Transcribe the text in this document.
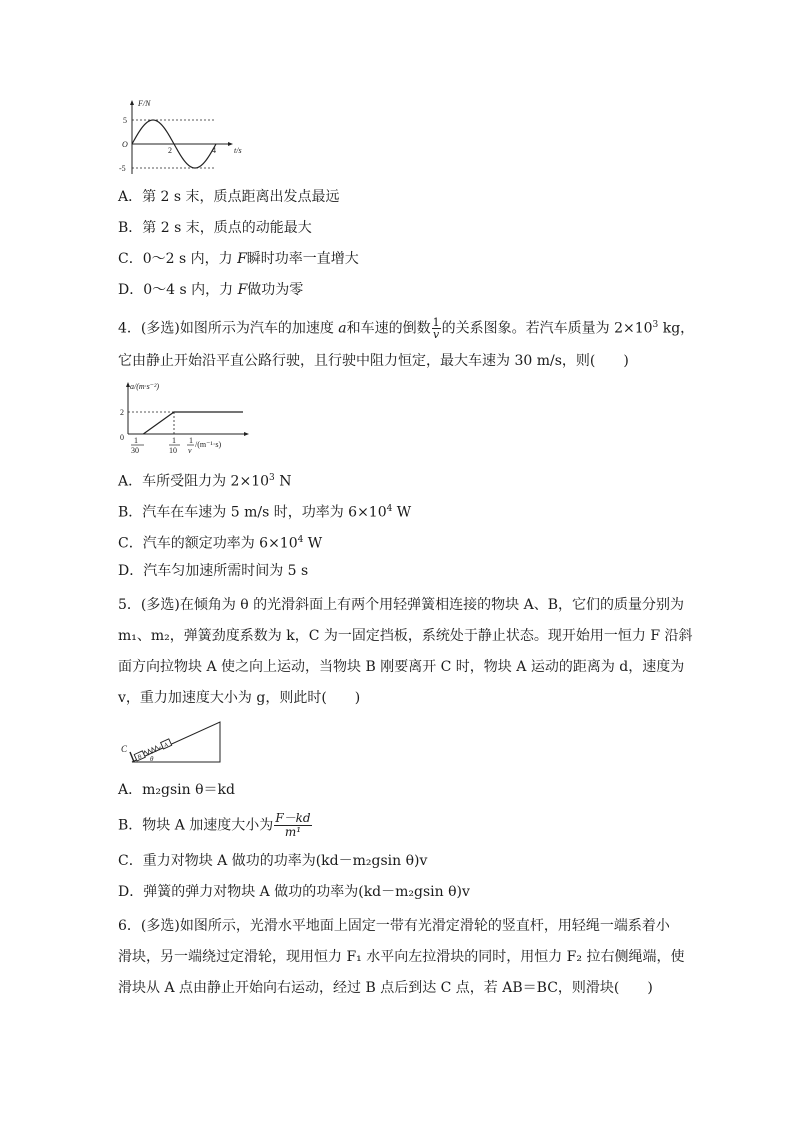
F/N
5
O
-5
2	4 t/s
A．第 2 s 末，质点距离出发点最远
B．第 2 s 末，质点的动能最大
C．0～2 s 内，力 F瞬时功率一直增大
D．0～4 s 内，力 F做功为零
4．(多选)如图所示为汽车的加速度 a和车速的倒数 $\frac{1}{v}$ 的关系图象。若汽车质量为 $2\times 10^3$ kg，
它由静止开始沿平直公路行驶，且行驶中阻力恒定，最大车速为 30 m/s，则(　　)
a/(m·s⁻²)
2
0 1
30
1
10
1
v
/(m⁻¹·s)
A．车所受阻力为 $2\times 10^3$ N
B．汽车在车速为 5 m/s 时，功率为 $6\times 10^4$ W
C．汽车的额定功率为 $6\times 10^4$ W
D．汽车匀加速所需时间为 5 s
5．(多选)在倾角为 θ 的光滑斜面上有两个用轻弹簧相连接的物块 A、B，它们的质量分别为
m₁、m₂，弹簧劲度系数为 k，C 为一固定挡板，系统处于静止状态。现开始用一恒力 F 沿斜
面方向拉物块 A 使之向上运动，当物块 B 刚要离开 C 时，物块 A 运动的距离为 d，速度为
v，重力加速度大小为 g，则此时(　　)
B
A
C
θ
A．m₂gsin θ＝kd
B．物块 A 加速度大小为 $\frac{F-kd}{\text{m¹}}$
C．重力对物块 A 做功的功率为(kd－m₂gsin θ)v
D．弹簧的弹力对物块 A 做功的功率为(kd－m₂gsin θ)v
6．(多选)如图所示，光滑水平地面上固定一带有光滑定滑轮的竖直杆，用轻绳一端系着小
滑块，另一端绕过定滑轮，现用恒力 F₁ 水平向左拉滑块的同时，用恒力 F₂ 拉右侧绳端，使
滑块从 A 点由静止开始向右运动，经过 B 点后到达 C 点，若 AB＝BC，则滑块(　　)
